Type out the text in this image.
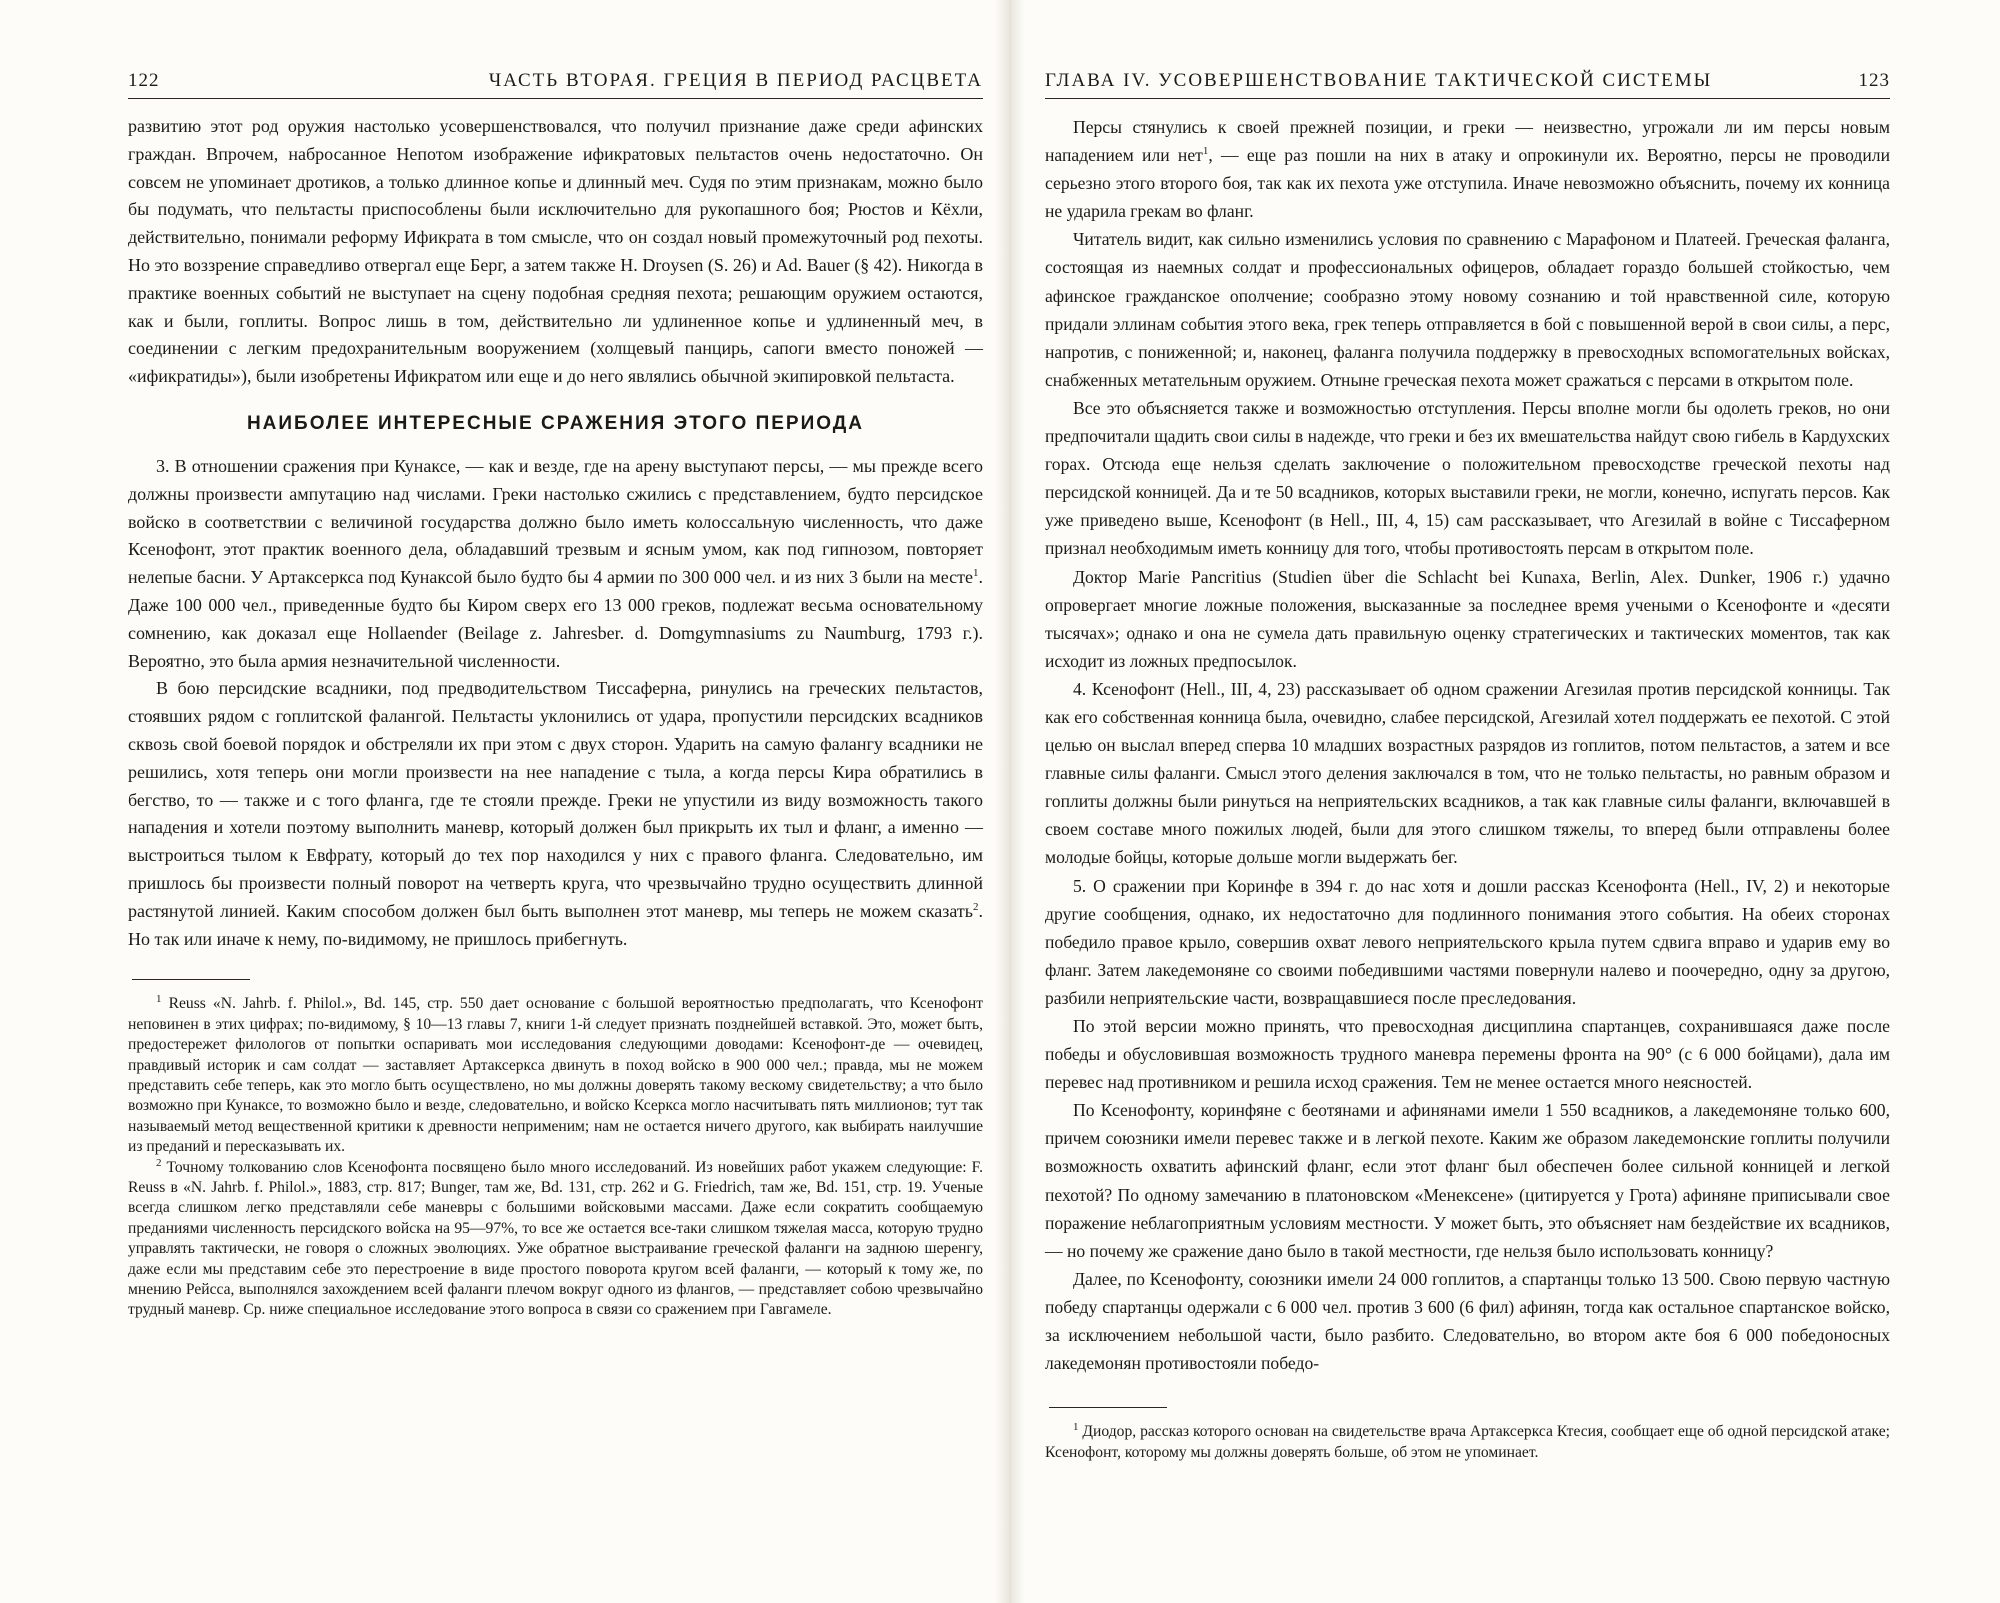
122	ЧАСТЬ ВТОРАЯ. ГРЕЦИЯ В ПЕРИОД РАСЦВЕТА

развитию этот род оружия настолько усовершенствовался, что получил признание даже среди афинских граждан. Впрочем, набросанное Непотом изображение ификратовых пельтастов очень недостаточно. Он совсем не упоминает дротиков, а только длинное копье и длинный меч. Судя по этим признакам, можно было бы подумать, что пельтасты приспособлены были исключительно для рукопашного боя; Рюстов и Кёхли, действительно, понимали реформу Ификрата в том смысле, что он создал новый промежуточный род пехоты. Но это воззрение справедливо отвергал еще Берг, а затем также H. Droysen (S. 26) и Ad. Bauer (§ 42). Никогда в практике военных событий не выступает на сцену подобная средняя пехота; решающим оружием остаются, как и были, гоплиты. Вопрос лишь в том, действительно ли удлиненное копье и удлиненный меч, в соединении с легким предохранительным вооружением (холщевый панцирь, сапоги вместо поножей — «ификратиды»), были изобретены Ификратом или еще и до него являлись обычной экипировкой пельтаста.

НАИБОЛЕЕ ИНТЕРЕСНЫЕ СРАЖЕНИЯ ЭТОГО ПЕРИОДА

3. В отношении сражения при Кунаксе, — как и везде, где на арену выступают персы, — мы прежде всего должны произвести ампутацию над числами. Греки настолько сжились с представлением, будто персидское войско в соответствии с величиной государства должно было иметь колоссальную численность, что даже Ксенофонт, этот практик военного дела, обладавший трезвым и ясным умом, как под гипнозом, повторяет нелепые басни. У Артаксеркса под Кунаксой было будто бы 4 армии по 300 000 чел. и из них 3 были на месте$^1$. Даже 100 000 чел., приведенные будто бы Киром сверх его 13 000 греков, подлежат весьма основательному сомнению, как доказал еще Hollaender (Beilage z. Jahresber. d. Domgymnasiums zu Naumburg, 1793 г.). Вероятно, это была армия незначительной численности.

В бою персидские всадники, под предводительством Тиссаферна, ринулись на греческих пельтастов, стоявших рядом с гоплитской фалангой. Пельтасты уклонились от удара, пропустили персидских всадников сквозь свой боевой порядок и обстреляли их при этом с двух сторон. Ударить на самую фалангу всадники не решились, хотя теперь они могли произвести на нее нападение с тыла, а когда персы Кира обратились в бегство, то — также и с того фланга, где те стояли прежде. Греки не упустили из виду возможность такого нападения и хотели поэтому выполнить маневр, который должен был прикрыть их тыл и фланг, а именно — выстроиться тылом к Евфрату, который до тех пор находился у них с правого фланга. Следовательно, им пришлось бы произвести полный поворот на четверть круга, что чрезвычайно трудно осуществить длинной растянутой линией. Каким способом должен был быть выполнен этот маневр, мы теперь не можем сказать$^2$. Но так или иначе к нему, по-видимому, не пришлось прибегнуть.

$^1$ Reuss «N. Jahrb. f. Philol.», Bd. 145, стр. 550 дает основание с большой вероятностью предполагать, что Ксенофонт неповинен в этих цифрах; по-видимому, § 10—13 главы 7, книги 1-й следует признать позднейшей вставкой. Это, может быть, предостережет филологов от попытки оспаривать мои исследования следующими доводами: Ксенофонт-де — очевидец, правдивый историк и сам солдат — заставляет Артаксеркса двинуть в поход войско в 900 000 чел.; правда, мы не можем представить себе теперь, как это могло быть осуществлено, но мы должны доверять такому вескому свидетельству; а что было возможно при Кунаксе, то возможно было и везде, следовательно, и войско Ксеркса могло насчитывать пять миллионов; тут так называемый метод вещественной критики к древности неприменим; нам не остается ничего другого, как выбирать наилучшие из преданий и пересказывать их.

$^2$ Точному толкованию слов Ксенофонта посвящено было много исследований. Из новейших работ укажем следующие: F. Reuss в «N. Jahrb. f. Philol.», 1883, стр. 817; Bunger, там же, Bd. 131, стр. 262 и G. Friedrich, там же, Bd. 151, стр. 19. Ученые всегда слишком легко представляли себе маневры с большими войсковыми массами. Даже если сократить сообщаемую преданиями численность персидского войска на 95—97%, то все же остается все-таки слишком тяжелая масса, которую трудно управлять тактически, не говоря о сложных эволюциях. Уже обратное выстраивание греческой фаланги на заднюю шеренгу, даже если мы представим себе это перестроение в виде простого поворота кругом всей фаланги, — который к тому же, по мнению Рейсса, выполнялся захождением всей фаланги плечом вокруг одного из флангов, — представляет собою чрезвычайно трудный маневр. Ср. ниже специальное исследование этого вопроса в связи со сражением при Гавгамеле.

ГЛАВА IV. УСОВЕРШЕНСТВОВАНИЕ ТАКТИЧЕСКОЙ СИСТЕМЫ	123

Персы стянулись к своей прежней позиции, и греки — неизвестно, угрожали ли им персы новым нападением или нет$^1$, — еще раз пошли на них в атаку и опрокинули их. Вероятно, персы не проводили серьезно этого второго боя, так как их пехота уже отступила. Иначе невозможно объяснить, почему их конница не ударила грекам во фланг.

Читатель видит, как сильно изменились условия по сравнению с Марафоном и Платеей. Греческая фаланга, состоящая из наемных солдат и профессиональных офицеров, обладает гораздо большей стойкостью, чем афинское гражданское ополчение; сообразно этому новому сознанию и той нравственной силе, которую придали эллинам события этого века, грек теперь отправляется в бой с повышенной верой в свои силы, а перс, напротив, с пониженной; и, наконец, фаланга получила поддержку в превосходных вспомогательных войсках, снабженных метательным оружием. Отныне греческая пехота может сражаться с персами в открытом поле.

Все это объясняется также и возможностью отступления. Персы вполне могли бы одолеть греков, но они предпочитали щадить свои силы в надежде, что греки и без их вмешательства найдут свою гибель в Кардухских горах. Отсюда еще нельзя сделать заключение о положительном превосходстве греческой пехоты над персидской конницей. Да и те 50 всадников, которых выставили греки, не могли, конечно, испугать персов. Как уже приведено выше, Ксенофонт (в Hell., III, 4, 15) сам рассказывает, что Агезилай в войне с Тиссаферном признал необходимым иметь конницу для того, чтобы противостоять персам в открытом поле.

Доктор Marie Pancritius (Studien über die Schlacht bei Kunaxa, Berlin, Alex. Dunker, 1906 г.) удачно опровергает многие ложные положения, высказанные за последнее время учеными о Ксенофонте и «десяти тысячах»; однако и она не сумела дать правильную оценку стратегических и тактических моментов, так как исходит из ложных предпосылок.

4. Ксенофонт (Hell., III, 4, 23) рассказывает об одном сражении Агезилая против персидской конницы. Так как его собственная конница была, очевидно, слабее персидской, Агезилай хотел поддержать ее пехотой. С этой целью он выслал вперед сперва 10 младших возрастных разрядов из гоплитов, потом пельтастов, а затем и все главные силы фаланги. Смысл этого деления заключался в том, что не только пельтасты, но равным образом и гоплиты должны были ринуться на неприятельских всадников, а так как главные силы фаланги, включавшей в своем составе много пожилых людей, были для этого слишком тяжелы, то вперед были отправлены более молодые бойцы, которые дольше могли выдержать бег.

5. О сражении при Коринфе в 394 г. до нас хотя и дошли рассказ Ксенофонта (Hell., IV, 2) и некоторые другие сообщения, однако, их недостаточно для подлинного понимания этого события. На обеих сторонах победило правое крыло, совершив охват левого неприятельского крыла путем сдвига вправо и ударив ему во фланг. Затем лакедемоняне со своими победившими частями повернули налево и поочередно, одну за другою, разбили неприятельские части, возвращавшиеся после преследования.

По этой версии можно принять, что превосходная дисциплина спартанцев, сохранившаяся даже после победы и обусловившая возможность трудного маневра перемены фронта на 90° (с 6 000 бойцами), дала им перевес над противником и решила исход сражения. Тем не менее остается много неясностей.

По Ксенофонту, коринфяне с беотянами и афинянами имели 1 550 всадников, а лакедемоняне только 600, причем союзники имели перевес также и в легкой пехоте. Каким же образом лакедемонские гоплиты получили возможность охватить афинский фланг, если этот фланг был обеспечен более сильной конницей и легкой пехотой? По одному замечанию в платоновском «Менексене» (цитируется у Грота) афиняне приписывали свое поражение неблагоприятным условиям местности. У может быть, это объясняет нам бездействие их всадников, — но почему же сражение дано было в такой местности, где нельзя было использовать конницу?

Далее, по Ксенофонту, союзники имели 24 000 гоплитов, а спартанцы только 13 500. Свою первую частную победу спартанцы одержали с 6 000 чел. против 3 600 (6 фил) афинян, тогда как остальное спартанское войско, за исключением небольшой части, было разбито. Следовательно, во втором акте боя 6 000 победоносных лакедемонян противостояли победо-

$^1$ Диодор, рассказ которого основан на свидетельстве врача Артаксеркса Ктесия, сообщает еще об одной персидской атаке; Ксенофонт, которому мы должны доверять больше, об этом не упоминает.
